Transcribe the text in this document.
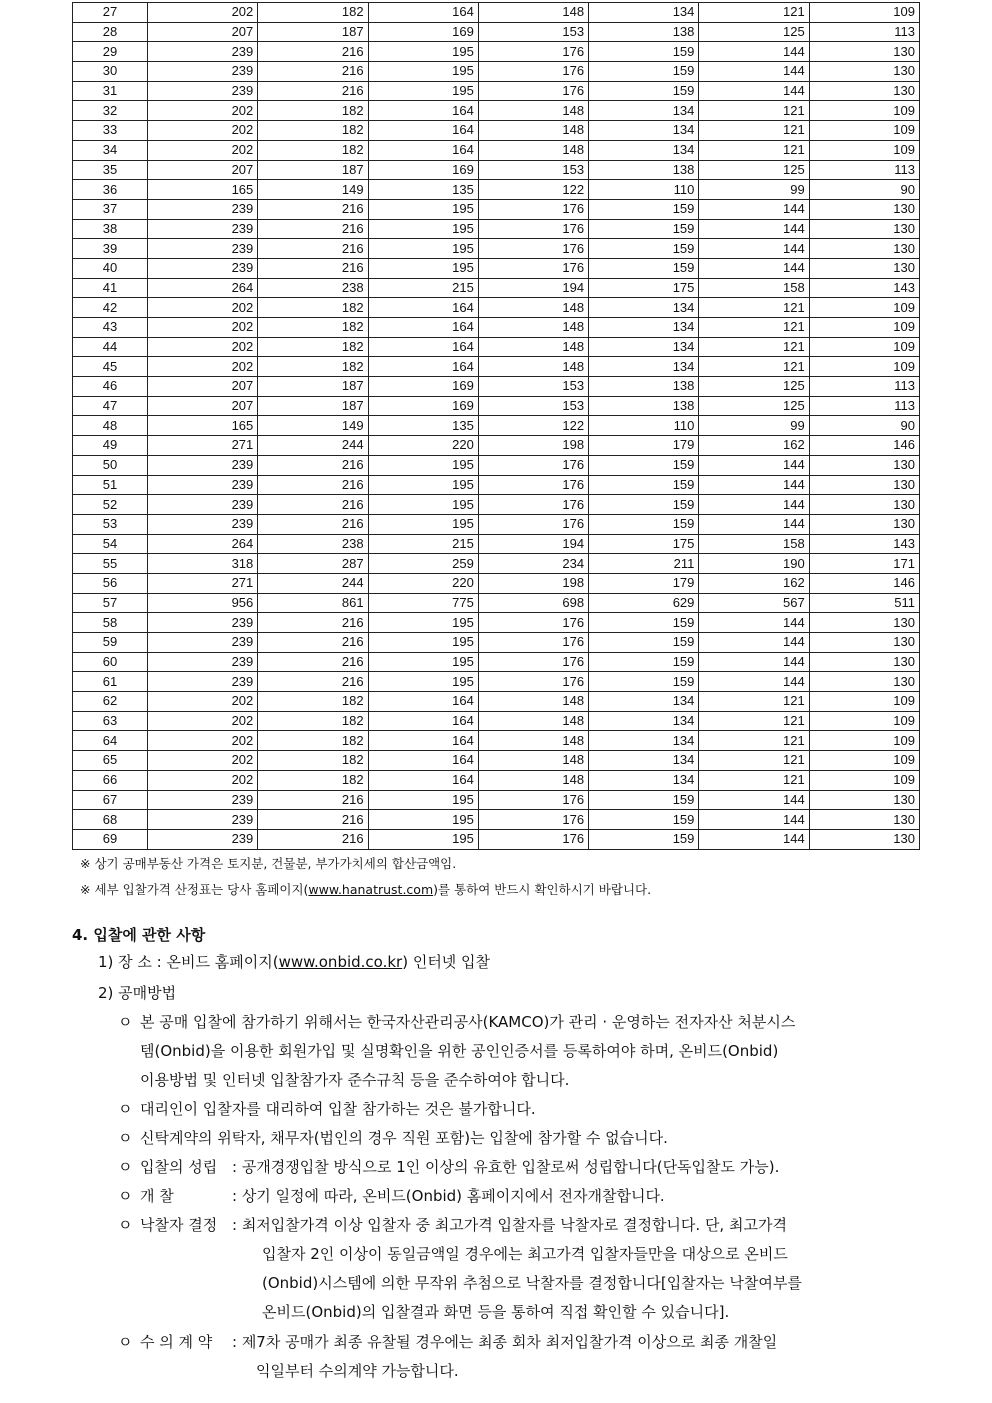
27	202	182	164	148	134	121	109
28	207	187	169	153	138	125	113
29	239	216	195	176	159	144	130
30	239	216	195	176	159	144	130
31	239	216	195	176	159	144	130
32	202	182	164	148	134	121	109
33	202	182	164	148	134	121	109
34	202	182	164	148	134	121	109
35	207	187	169	153	138	125	113
36	165	149	135	122	110	99	90
37	239	216	195	176	159	144	130
38	239	216	195	176	159	144	130
39	239	216	195	176	159	144	130
40	239	216	195	176	159	144	130
41	264	238	215	194	175	158	143
42	202	182	164	148	134	121	109
43	202	182	164	148	134	121	109
44	202	182	164	148	134	121	109
45	202	182	164	148	134	121	109
46	207	187	169	153	138	125	113
47	207	187	169	153	138	125	113
48	165	149	135	122	110	99	90
49	271	244	220	198	179	162	146
50	239	216	195	176	159	144	130
51	239	216	195	176	159	144	130
52	239	216	195	176	159	144	130
53	239	216	195	176	159	144	130
54	264	238	215	194	175	158	143
55	318	287	259	234	211	190	171
56	271	244	220	198	179	162	146
57	956	861	775	698	629	567	511
58	239	216	195	176	159	144	130
59	239	216	195	176	159	144	130
60	239	216	195	176	159	144	130
61	239	216	195	176	159	144	130
62	202	182	164	148	134	121	109
63	202	182	164	148	134	121	109
64	202	182	164	148	134	121	109
65	202	182	164	148	134	121	109
66	202	182	164	148	134	121	109
67	239	216	195	176	159	144	130
68	239	216	195	176	159	144	130
69	239	216	195	176	159	144	130
※ 상기 공매부동산 가격은 토지분, 건물분, 부가가치세의 합산금액임.
※ 세부 입찰가격 산정표는 당사 홈페이지(www.hanatrust.com)를 통하여 반드시 확인하시기 바랍니다.
4. 입찰에 관한 사항
1) 장 소 : 온비드 홈페이지(www.onbid.co.kr) 인터넷 입찰
2) 공매방법
ㅇ 본 공매 입찰에 참가하기 위해서는 한국자산관리공사(KAMCO)가 관리 · 운영하는 전자자산 처분시스
템(Onbid)을 이용한 회원가입 및 실명확인을 위한 공인인증서를 등록하여야 하며, 온비드(Onbid)
이용방법 및 인터넷 입찰참가자 준수규칙 등을 준수하여야 합니다.
ㅇ 대리인이 입찰자를 대리하여 입찰 참가하는 것은 불가합니다.
ㅇ 신탁계약의 위탁자, 채무자(법인의 경우 직원 포함)는 입찰에 참가할 수 없습니다.
ㅇ 입찰의 성립 : 공개경쟁입찰 방식으로 1인 이상의 유효한 입찰로써 성립합니다(단독입찰도 가능).
ㅇ 개 찰	: 상기 일정에 따라, 온비드(Onbid) 홈페이지에서 전자개찰합니다.
ㅇ 낙찰자 결정 : 최저입찰가격 이상 입찰자 중 최고가격 입찰자를 낙찰자로 결정합니다. 단, 최고가격
입찰자 2인 이상이 동일금액일 경우에는 최고가격 입찰자들만을 대상으로 온비드
(Onbid)시스템에 의한 무작위 추첨으로 낙찰자를 결정합니다[입찰자는 낙찰여부를
온비드(Onbid)의 입찰결과 화면 등을 통하여 직접 확인할 수 있습니다].
ㅇ 수 의 계 약 : 제7차 공매가 최종 유찰될 경우에는 최종 회차 최저입찰가격 이상으로 최종 개찰일
익일부터 수의계약 가능합니다.
